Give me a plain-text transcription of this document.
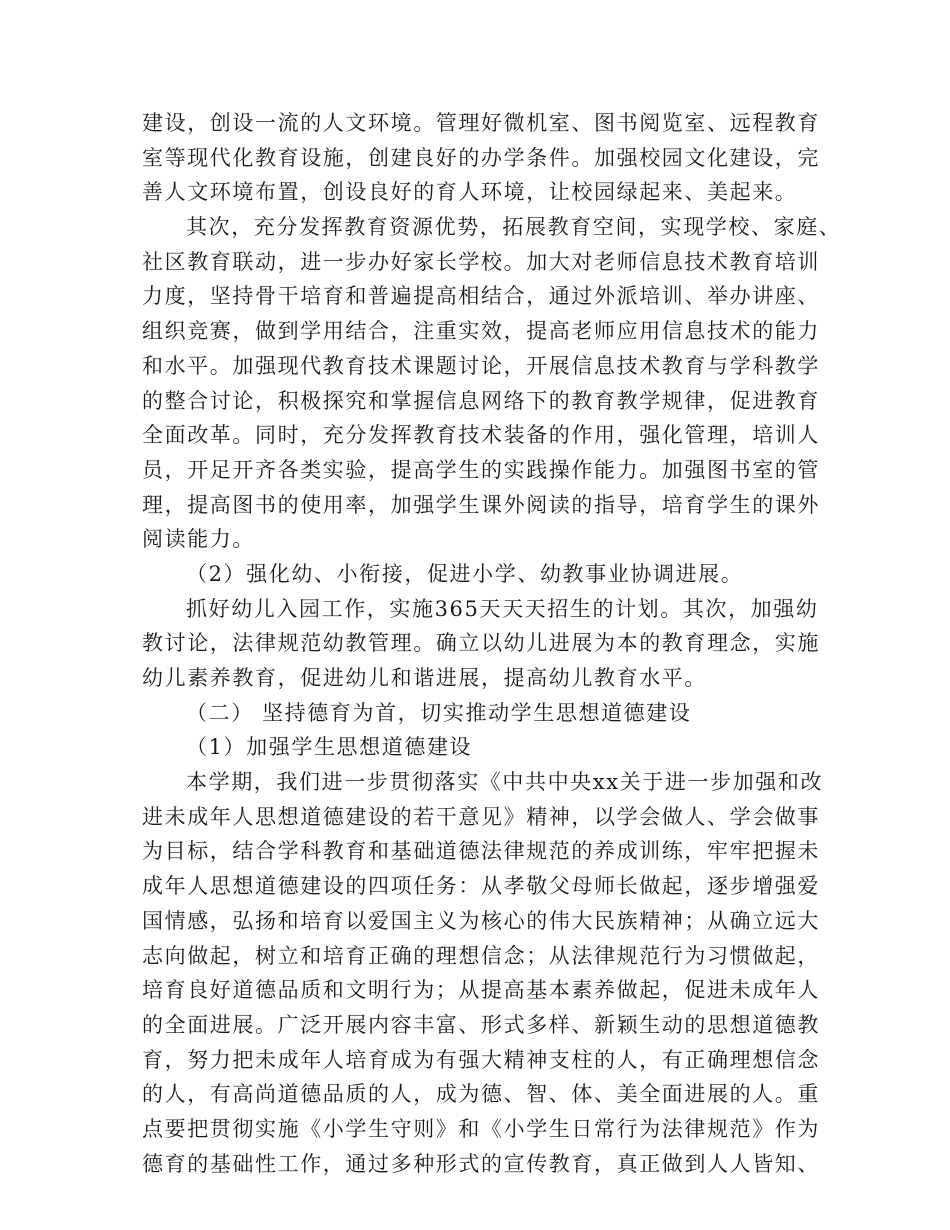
建设，创设一流的人文环境。管理好微机室、图书阅览室、远程教育
室等现代化教育设施，创建良好的办学条件。加强校园文化建设，完
善人文环境布置，创设良好的育人环境，让校园绿起来、美起来。
其次，充分发挥教育资源优势，拓展教育空间，实现学校、家庭、
社区教育联动，进一步办好家长学校。加大对老师信息技术教育培训
力度，坚持骨干培育和普遍提高相结合，通过外派培训、举办讲座、
组织竞赛，做到学用结合，注重实效，提高老师应用信息技术的能力
和水平。加强现代教育技术课题讨论，开展信息技术教育与学科教学
的整合讨论，积极探究和掌握信息网络下的教育教学规律，促进教育
全面改革。同时，充分发挥教育技术装备的作用，强化管理，培训人
员，开足开齐各类实验，提高学生的实践操作能力。加强图书室的管
理，提高图书的使用率，加强学生课外阅读的指导，培育学生的课外
阅读能力。
（2）强化幼、小衔接，促进小学、幼教事业协调进展。
抓好幼儿入园工作，实施365天天天招生的计划。其次，加强幼
教讨论，法律规范幼教管理。确立以幼儿进展为本的教育理念，实施
幼儿素养教育，促进幼儿和谐进展，提高幼儿教育水平。
（二） 坚持德育为首，切实推动学生思想道德建设
（1）加强学生思想道德建设
本学期，我们进一步贯彻落实《中共中央xx关于进一步加强和改
进未成年人思想道德建设的若干意见》精神，以学会做人、学会做事
为目标，结合学科教育和基础道德法律规范的养成训练，牢牢把握未
成年人思想道德建设的四项任务：从孝敬父母师长做起，逐步增强爱
国情感，弘扬和培育以爱国主义为核心的伟大民族精神；从确立远大
志向做起，树立和培育正确的理想信念；从法律规范行为习惯做起，
培育良好道德品质和文明行为；从提高基本素养做起，促进未成年人
的全面进展。广泛开展内容丰富、形式多样、新颖生动的思想道德教
育，努力把未成年人培育成为有强大精神支柱的人，有正确理想信念
的人，有高尚道德品质的人，成为德、智、体、美全面进展的人。重
点要把贯彻实施《小学生守则》和《小学生日常行为法律规范》作为
德育的基础性工作，通过多种形式的宣传教育，真正做到人人皆知、
